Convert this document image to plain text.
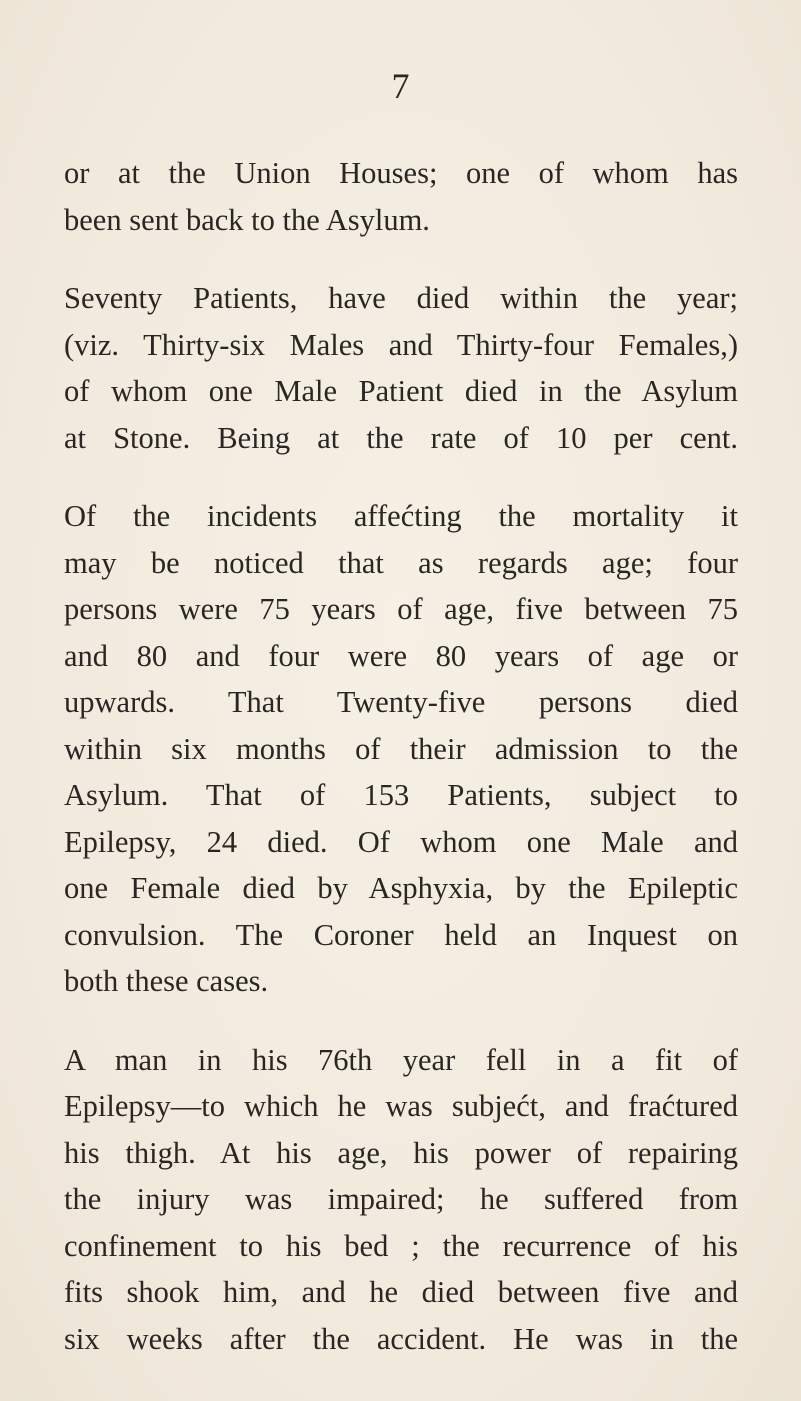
7

or at the Union Houses; one of whom has
been sent back to the Asylum.

Seventy Patients, have died within the year;
(viz. Thirty-six Males and Thirty-four Females,)
of whom one Male Patient died in the Asylum
at Stone. Being at the rate of 10 per cent.

Of the incidents affećting the mortality it
may be noticed that as regards age; four
persons were 75 years of age, five between 75
and 80 and four were 80 years of age or
upwards. That Twenty-five persons died
within six months of their admission to the
Asylum. That of 153 Patients, subject to
Epilepsy, 24 died. Of whom one Male and
one Female died by Asphyxia, by the Epileptic
convulsion. The Coroner held an Inquest on
both these cases.

A man in his 76th year fell in a fit of
Epilepsy—to which he was subjećt, and fraćtured
his thigh. At his age, his power of repairing
the injury was impaired; he suffered from
confinement to his bed ; the recurrence of his
fits shook him, and he died between five and
six weeks after the accident. He was in the
